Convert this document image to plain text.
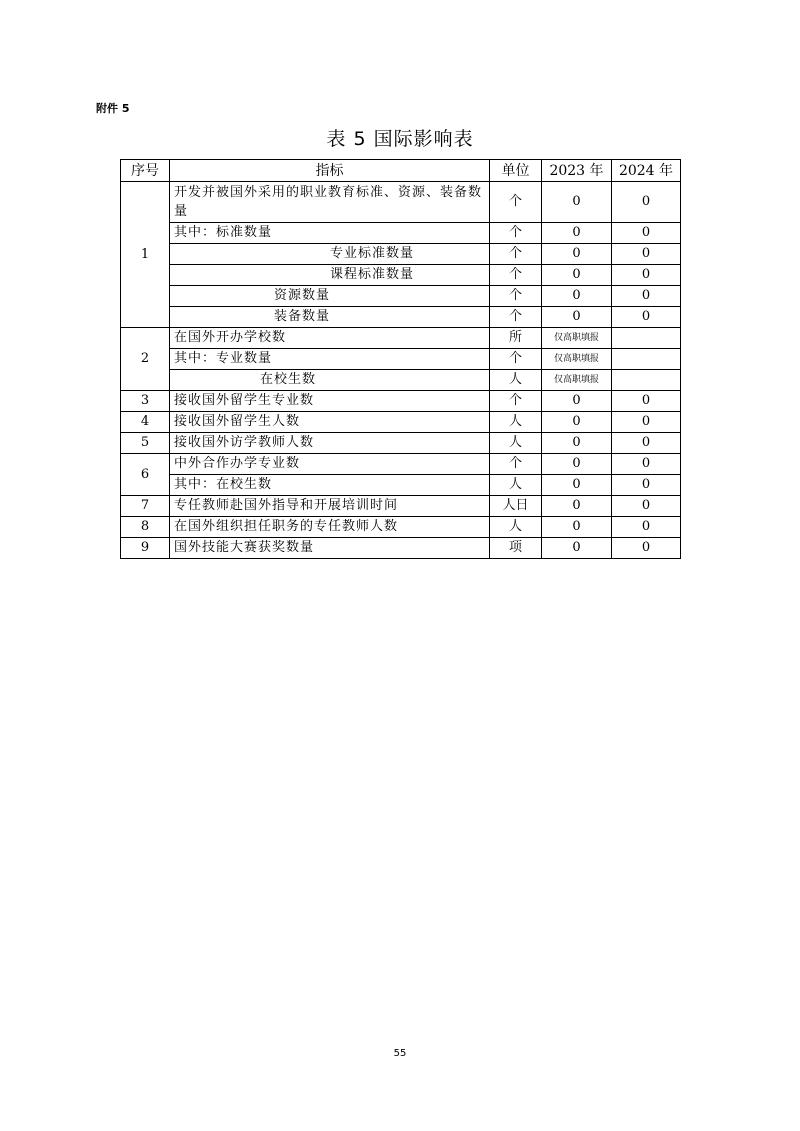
附件 5
表 5 国际影响表
序号	指标	单位	2023 年	2024 年
1	开发并被国外采用的职业教育标准、资源、装备数量	个	0	0
	其中：标准数量	个	0	0
	专业标准数量	个	0	0
	课程标准数量	个	0	0
	资源数量	个	0	0
	装备数量	个	0	0
2	在国外开办学校数	所	仅高职填报	
	其中：专业数量	个	仅高职填报	
	在校生数	人	仅高职填报	
3	接收国外留学生专业数	个	0	0
4	接收国外留学生人数	人	0	0
5	接收国外访学教师人数	人	0	0
6	中外合作办学专业数	个	0	0
	其中：在校生数	人	0	0
7	专任教师赴国外指导和开展培训时间	人日	0	0
8	在国外组织担任职务的专任教师人数	人	0	0
9	国外技能大赛获奖数量	项	0	0
55
